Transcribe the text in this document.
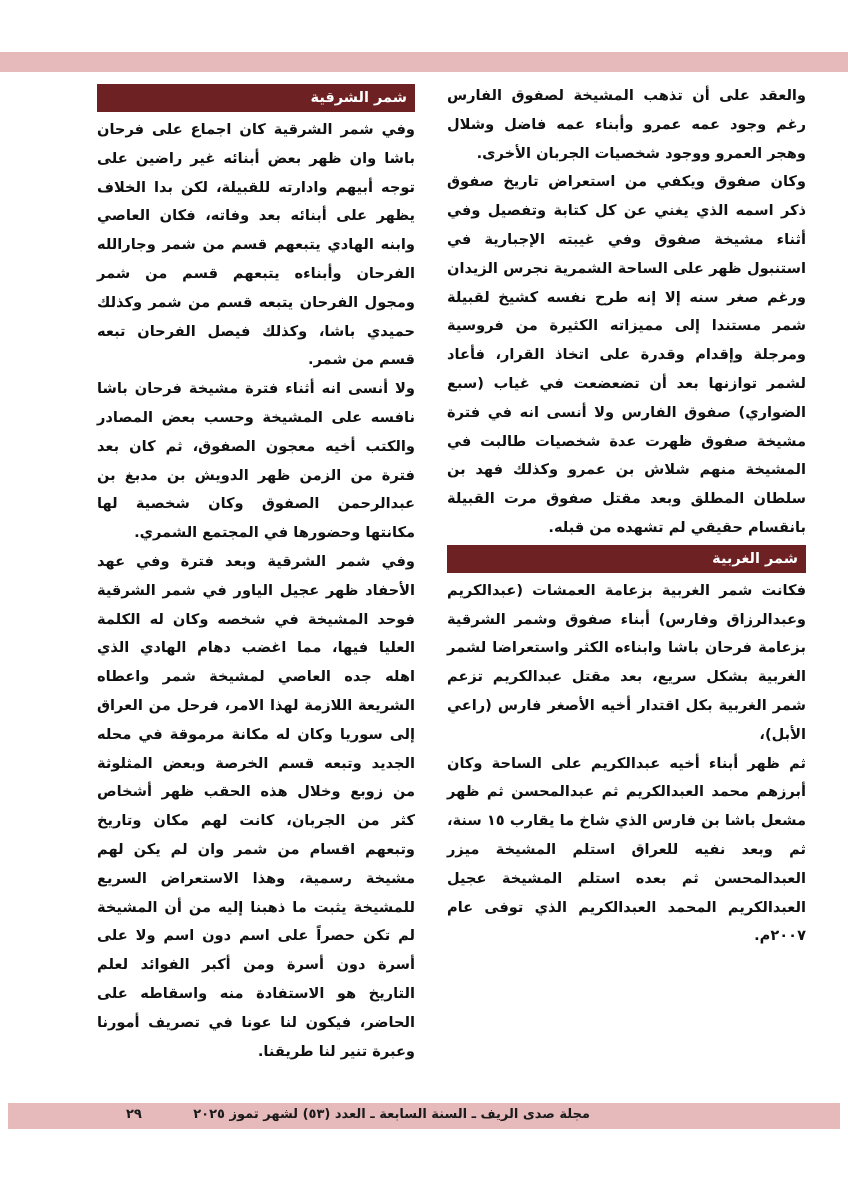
والعقد على أن تذهب المشيخة لصفوق الفارس رغم وجود عمه عمرو وأبناء عمه فاضل وشلال وهجر العمرو ووجود شخصيات الجربان الأخرى.

وكان صفوق ويكفي من استعراض تاريخ صفوق ذكر اسمه الذي يغني عن كل كتابة وتفصيل وفي أثناء مشيخة صفوق وفي غيبته الإجبارية في استنبول ظهر على الساحة الشمرية نجرس الزيدان ورغم صغر سنه إلا إنه طرح نفسه كشيخ لقبيلة شمر مستندا إلى مميزاته الكثيرة من فروسية ومرجلة وإقدام وقدرة على اتخاذ القرار، فأعاد لشمر توازنها بعد أن تضعضعت في غياب (سبع الضواري) صفوق الفارس ولا أنسى انه في فترة مشيخة صفوق ظهرت عدة شخصيات طالبت في المشيخة منهم شلاش بن عمرو وكذلك فهد بن سلطان المطلق وبعد مقتل صفوق مرت القبيلة بانقسام حقيقي لم تشهده من قبله.

شمر الغربية

فكانت شمر الغربية بزعامة العمشات (عبدالكريم وعبدالرزاق وفارس) أبناء صفوق وشمر الشرقية بزعامة فرحان باشا وابناءه الكثر واستعراضا لشمر الغربية بشكل سريع، بعد مقتل عبدالكريم تزعم شمر الغربية بكل اقتدار أخيه الأصغر فارس (راعي الأبل)،

ثم ظهر أبناء أخيه عبدالكريم على الساحة وكان أبرزهم محمد العبدالكريم ثم عبدالمحسن ثم ظهر مشعل باشا بن فارس الذي شاخ ما يقارب ١٥ سنة، ثم وبعد نفيه للعراق استلم المشيخة ميزر العبدالمحسن ثم بعده استلم المشيخة عجيل العبدالكريم المحمد العبدالكريم الذي توفى عام ٢٠٠٧م.

شمر الشرقية

وفي شمر الشرقية كان اجماع على فرحان باشا وان ظهر بعض أبنائه غير راضين على توجه أبيهم وادارته للقبيلة، لكن بدا الخلاف يظهر على أبنائه بعد وفاته، فكان العاصي وابنه الهادي يتبعهم قسم من شمر وجارالله الفرحان وأبناءه يتبعهم قسم من شمر ومجول الفرحان يتبعه قسم من شمر وكذلك حميدي باشا، وكذلك فيصل الفرحان تبعه قسم من شمر.

ولا أنسى انه أثناء فترة مشيخة فرحان باشا نافسه على المشيخة وحسب بعض المصادر والكتب أخيه معجون الصفوق، ثم كان بعد فترة من الزمن ظهر الدويش بن مدبغ بن عبدالرحمن الصفوق وكان شخصية لها مكانتها وحضورها في المجتمع الشمري.

وفي شمر الشرقية وبعد فترة وفي عهد الأحفاد ظهر عجيل الياور في شمر الشرقية فوحد المشيخة في شخصه وكان له الكلمة العليا فيها، مما اغضب دهام الهادي الذي اهله جده العاصي لمشيخة شمر واعطاه الشريعة اللازمة لهذا الامر، فرحل من العراق إلى سوريا وكان له مكانة مرموقة في محله الجديد وتبعه قسم الخرصة وبعض المثلوثة من زوبع وخلال هذه الحقب ظهر أشخاص كثر من الجربان، كانت لهم مكان وتاريخ وتبعهم اقسام من شمر وان لم يكن لهم مشيخة رسمية، وهذا الاستعراض السريع للمشيخة يثبت ما ذهبنا إليه من أن المشيخة لم تكن حصراً على اسم دون اسم ولا على أسرة دون أسرة ومن أكبر الفوائد لعلم التاريخ هو الاستفادة منه واسقاطه على الحاضر، فيكون لنا عونا في تصريف أمورنا وعبرة تنير لنا طريقنا.

مجلة صدى الريف ـ السنة السابعة ـ العدد (٥٣) لشهر تموز ٢٠٢٥
٢٩
